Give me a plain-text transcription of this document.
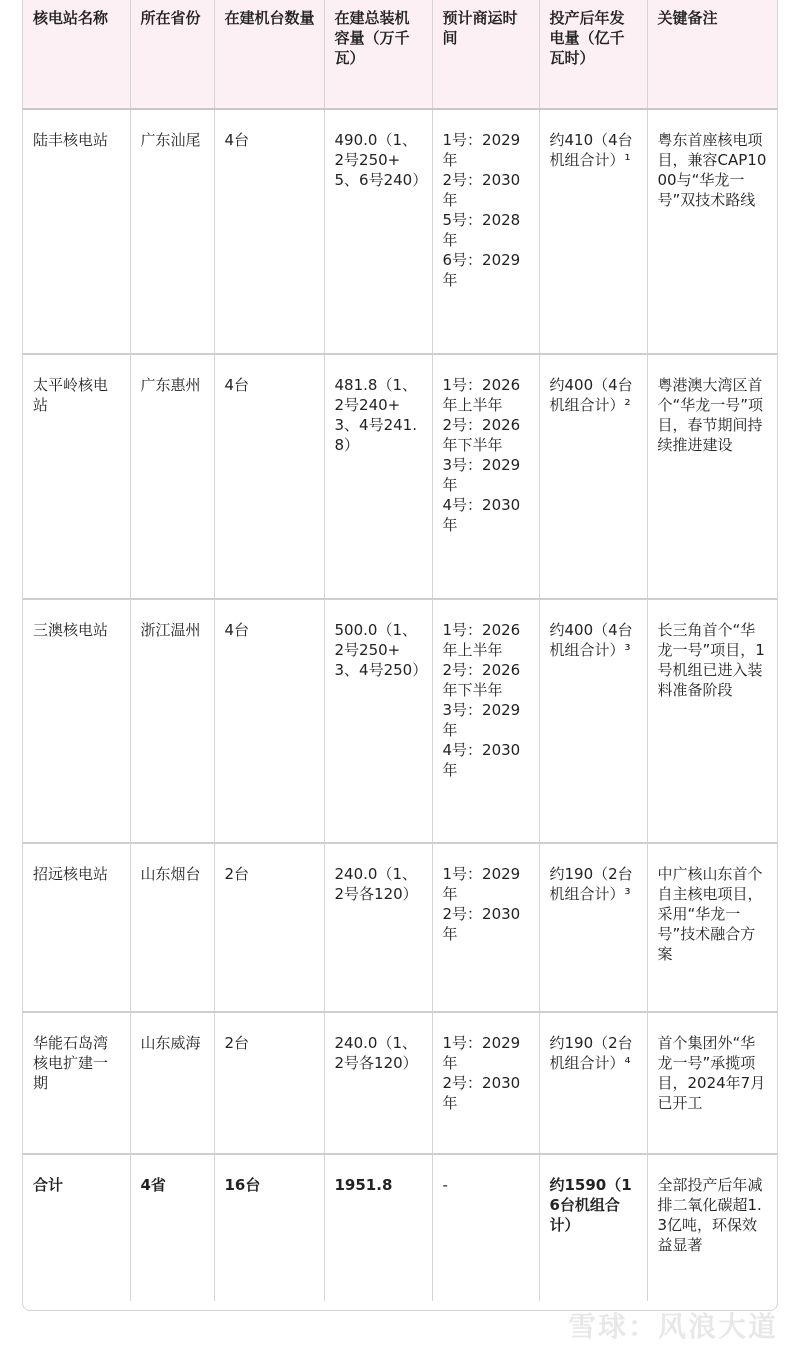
核电站名称	所在省份	在建机台数量	在建总装机容量（万千瓦）	预计商运时间	投产后年发电量（亿千瓦时）	关键备注
陆丰核电站	广东汕尾	4台	490.0（1、2号250+5、6号240）	1号：2029年
2号：2030年
5号：2028年
6号：2029年	约410（4台机组合计）¹	粤东首座核电项目，兼容CAP1000与“华龙一号”双技术路线
太平岭核电站	广东惠州	4台	481.8（1、2号240+3、4号241.8）	1号：2026年上半年
2号：2026年下半年
3号：2029年
4号：2030年	约400（4台机组合计）²	粤港澳大湾区首个“华龙一号”项目，春节期间持续推进建设
三澳核电站	浙江温州	4台	500.0（1、2号250+3、4号250）	1号：2026年上半年
2号：2026年下半年
3号：2029年
4号：2030年	约400（4台机组合计）³	长三角首个“华龙一号”项目，1号机组已进入装料准备阶段
招远核电站	山东烟台	2台	240.0（1、2号各120）	1号：2029年
2号：2030年	约190（2台机组合计）³	中广核山东首个自主核电项目，采用“华龙一号”技术融合方案
华能石岛湾核电扩建一期	山东威海	2台	240.0（1、2号各120）	1号：2029年
2号：2030年	约190（2台机组合计）⁴	首个集团外“华龙一号”承揽项目，2024年7月已开工
合计	4省	16台	1951.8	-	约1590（16台机组合计）	全部投产后年减排二氧化碳超1.3亿吨，环保效益显著
雪球：风浪大道
